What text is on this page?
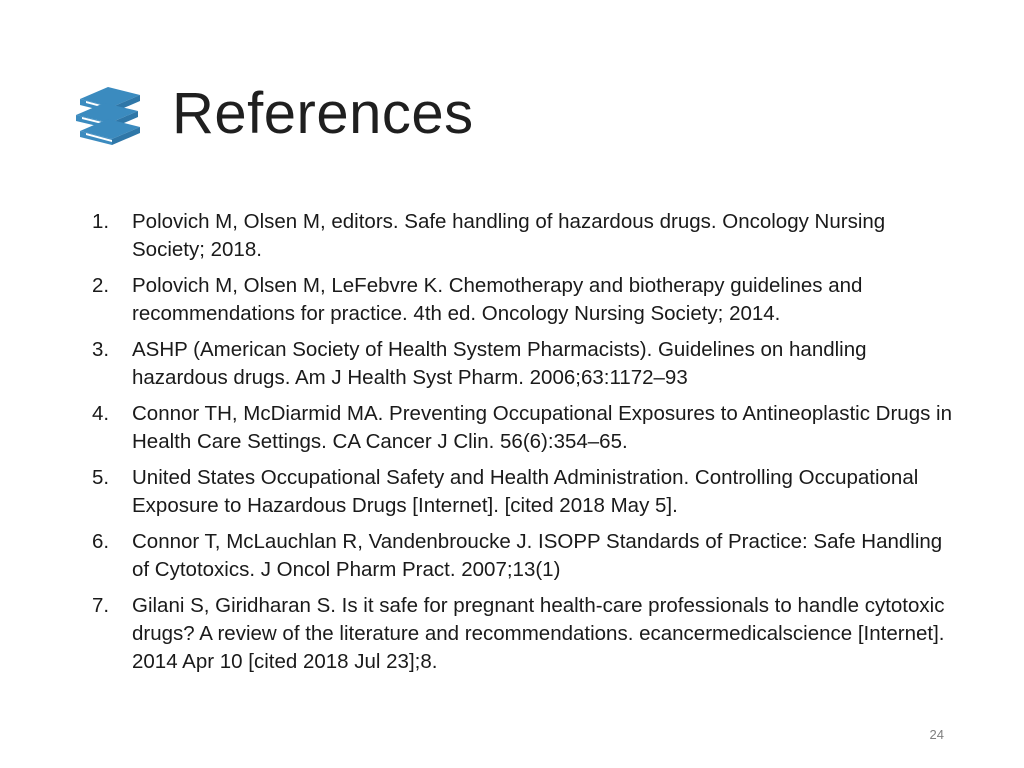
References
1.	Polovich M, Olsen M, editors. Safe handling of hazardous drugs. Oncology Nursing Society; 2018.
2.	Polovich M, Olsen M, LeFebvre K. Chemotherapy and biotherapy guidelines and recommendations for practice. 4th ed. Oncology Nursing Society; 2014.
3.	ASHP (American Society of Health System Pharmacists). Guidelines on handling hazardous drugs. Am J Health Syst Pharm. 2006;63:1172–93
4.	Connor TH, McDiarmid MA. Preventing Occupational Exposures to Antineoplastic Drugs in Health Care Settings. CA Cancer J Clin. 56(6):354–65.
5.	United States Occupational Safety and Health Administration. Controlling Occupational Exposure to Hazardous Drugs [Internet]. [cited 2018 May 5].
6.	Connor T, McLauchlan R, Vandenbroucke J. ISOPP Standards of Practice: Safe Handling of Cytotoxics. J Oncol Pharm Pract. 2007;13(1)
7.	Gilani S, Giridharan S. Is it safe for pregnant health-care professionals to handle cytotoxic drugs? A review of the literature and recommendations. ecancermedicalscience [Internet]. 2014 Apr 10 [cited 2018 Jul 23];8.
24
